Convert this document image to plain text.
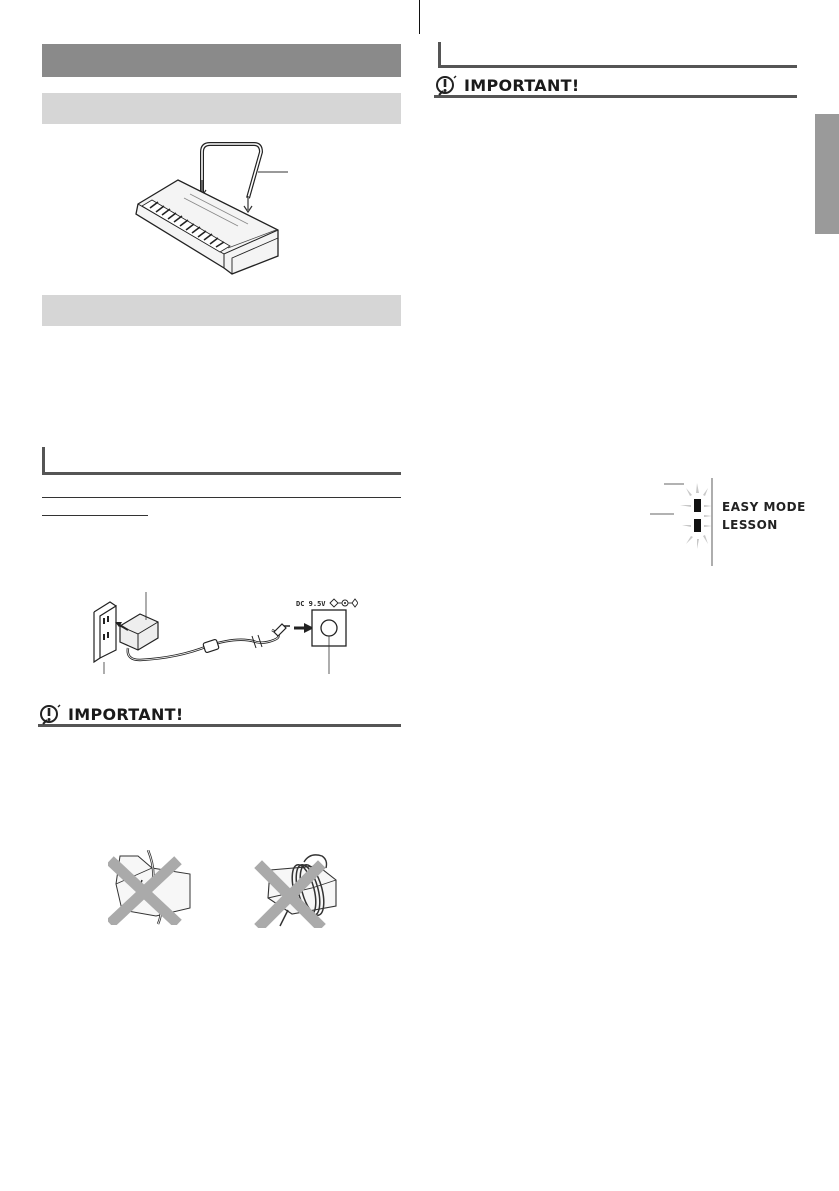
DC 9.5V
IMPORTANT!
IMPORTANT!
EASY MODE
LESSON
